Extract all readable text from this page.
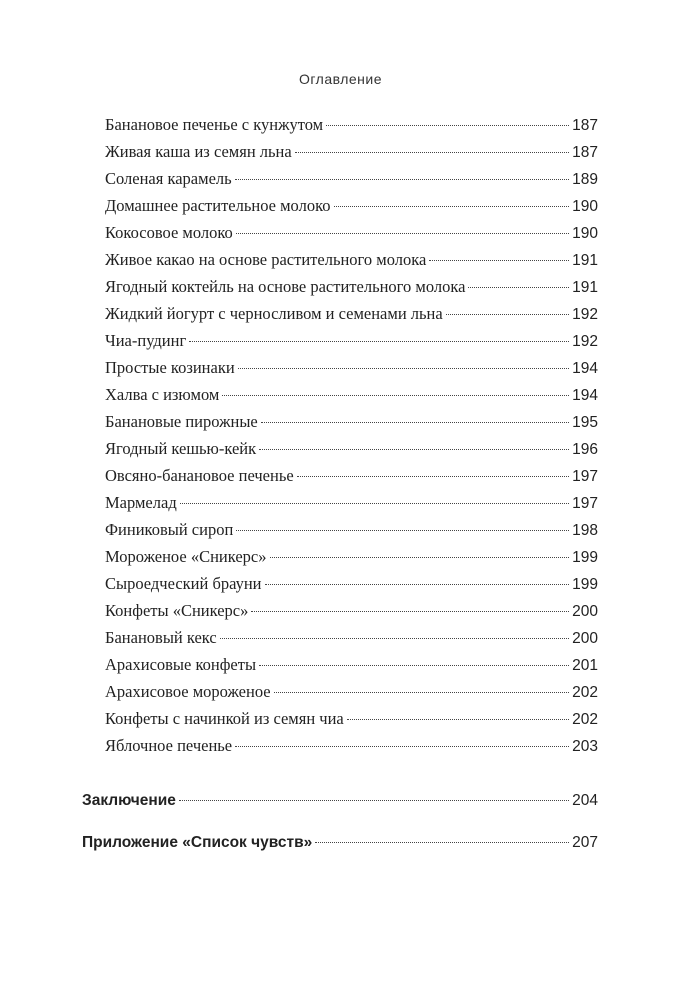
Оглавление
Банановое печенье с кунжутом	187
Живая каша из семян льна	187
Соленая карамель	189
Домашнее растительное молоко	190
Кокосовое молоко	190
Живое какао на основе растительного молока	191
Ягодный коктейль на основе растительного молока	191
Жидкий йогурт с черносливом и семенами льна	192
Чиа-пудинг	192
Простые козинаки	194
Халва с изюмом	194
Банановые пирожные	195
Ягодный кешью-кейк	196
Овсяно-банановое печенье	197
Мармелад	197
Финиковый сироп	198
Мороженое «Сникерс»	199
Сыроедческий брауни	199
Конфеты «Сникерс»	200
Банановый кекс	200
Арахисовые конфеты	201
Арахисовое мороженое	202
Конфеты с начинкой из семян чиа	202
Яблочное печенье	203
Заключение	204
Приложение «Список чувств»	207
